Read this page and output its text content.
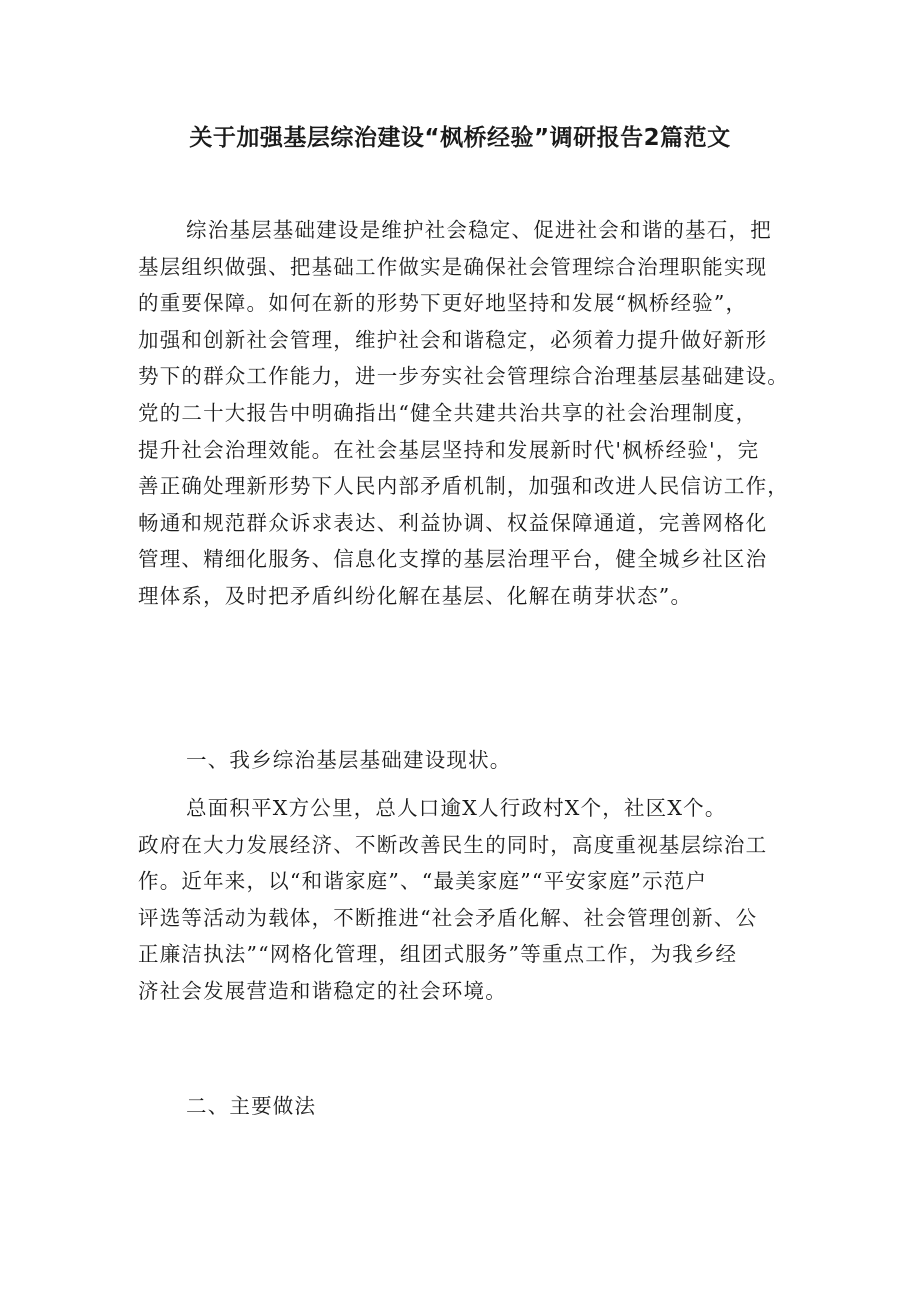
关于加强基层综治建设“枫桥经验”调研报告2篇范文
综治基层基础建设是维护社会稳定、促进社会和谐的基石，把
基层组织做强、把基础工作做实是确保社会管理综合治理职能实现
的重要保障。如何在新的形势下更好地坚持和发展“枫桥经验”，
加强和创新社会管理，维护社会和谐稳定，必须着力提升做好新形
势下的群众工作能力，进一步夯实社会管理综合治理基层基础建设。
党的二十大报告中明确指出“健全共建共治共享的社会治理制度，
提升社会治理效能。在社会基层坚持和发展新时代'枫桥经验'，完
善正确处理新形势下人民内部矛盾机制，加强和改进人民信访工作，
畅通和规范群众诉求表达、利益协调、权益保障通道，完善网格化
管理、精细化服务、信息化支撑的基层治理平台，健全城乡社区治
理体系，及时把矛盾纠纷化解在基层、化解在萌芽状态”。

一、我乡综治基层基础建设现状。

总面积平X方公里，总人口逾X人行政村X个，社区X个。
政府在大力发展经济、不断改善民生的同时，高度重视基层综治工
作。近年来，以“和谐家庭”、“最美家庭”“平安家庭”示范户
评选等活动为载体，不断推进“社会矛盾化解、社会管理创新、公
正廉洁执法”“网格化管理，组团式服务”等重点工作，为我乡经
济社会发展营造和谐稳定的社会环境。

二、主要做法
